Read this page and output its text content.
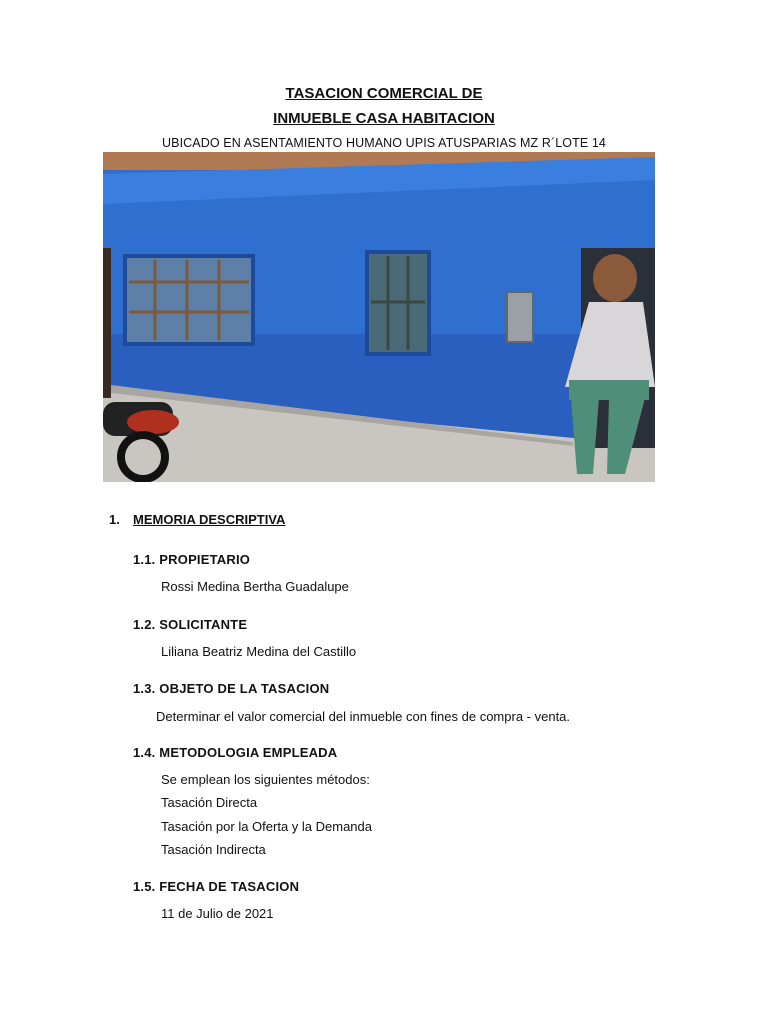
TASACION COMERCIAL DE
INMUEBLE CASA HABITACION
UBICADO EN ASENTAMIENTO HUMANO UPIS ATUSPARIAS MZ R´LOTE 14
1. MEMORIA DESCRIPTIVA
1.1. PROPIETARIO
Rossi Medina Bertha Guadalupe
1.2. SOLICITANTE
Liliana Beatriz Medina del Castillo
1.3. OBJETO DE LA TASACION
Determinar el valor comercial del inmueble con fines de compra - venta.
1.4. METODOLOGIA EMPLEADA
Se emplean los siguientes métodos:
Tasación Directa
Tasación por la Oferta y la Demanda
Tasación Indirecta
1.5. FECHA DE TASACION
11 de Julio de 2021
